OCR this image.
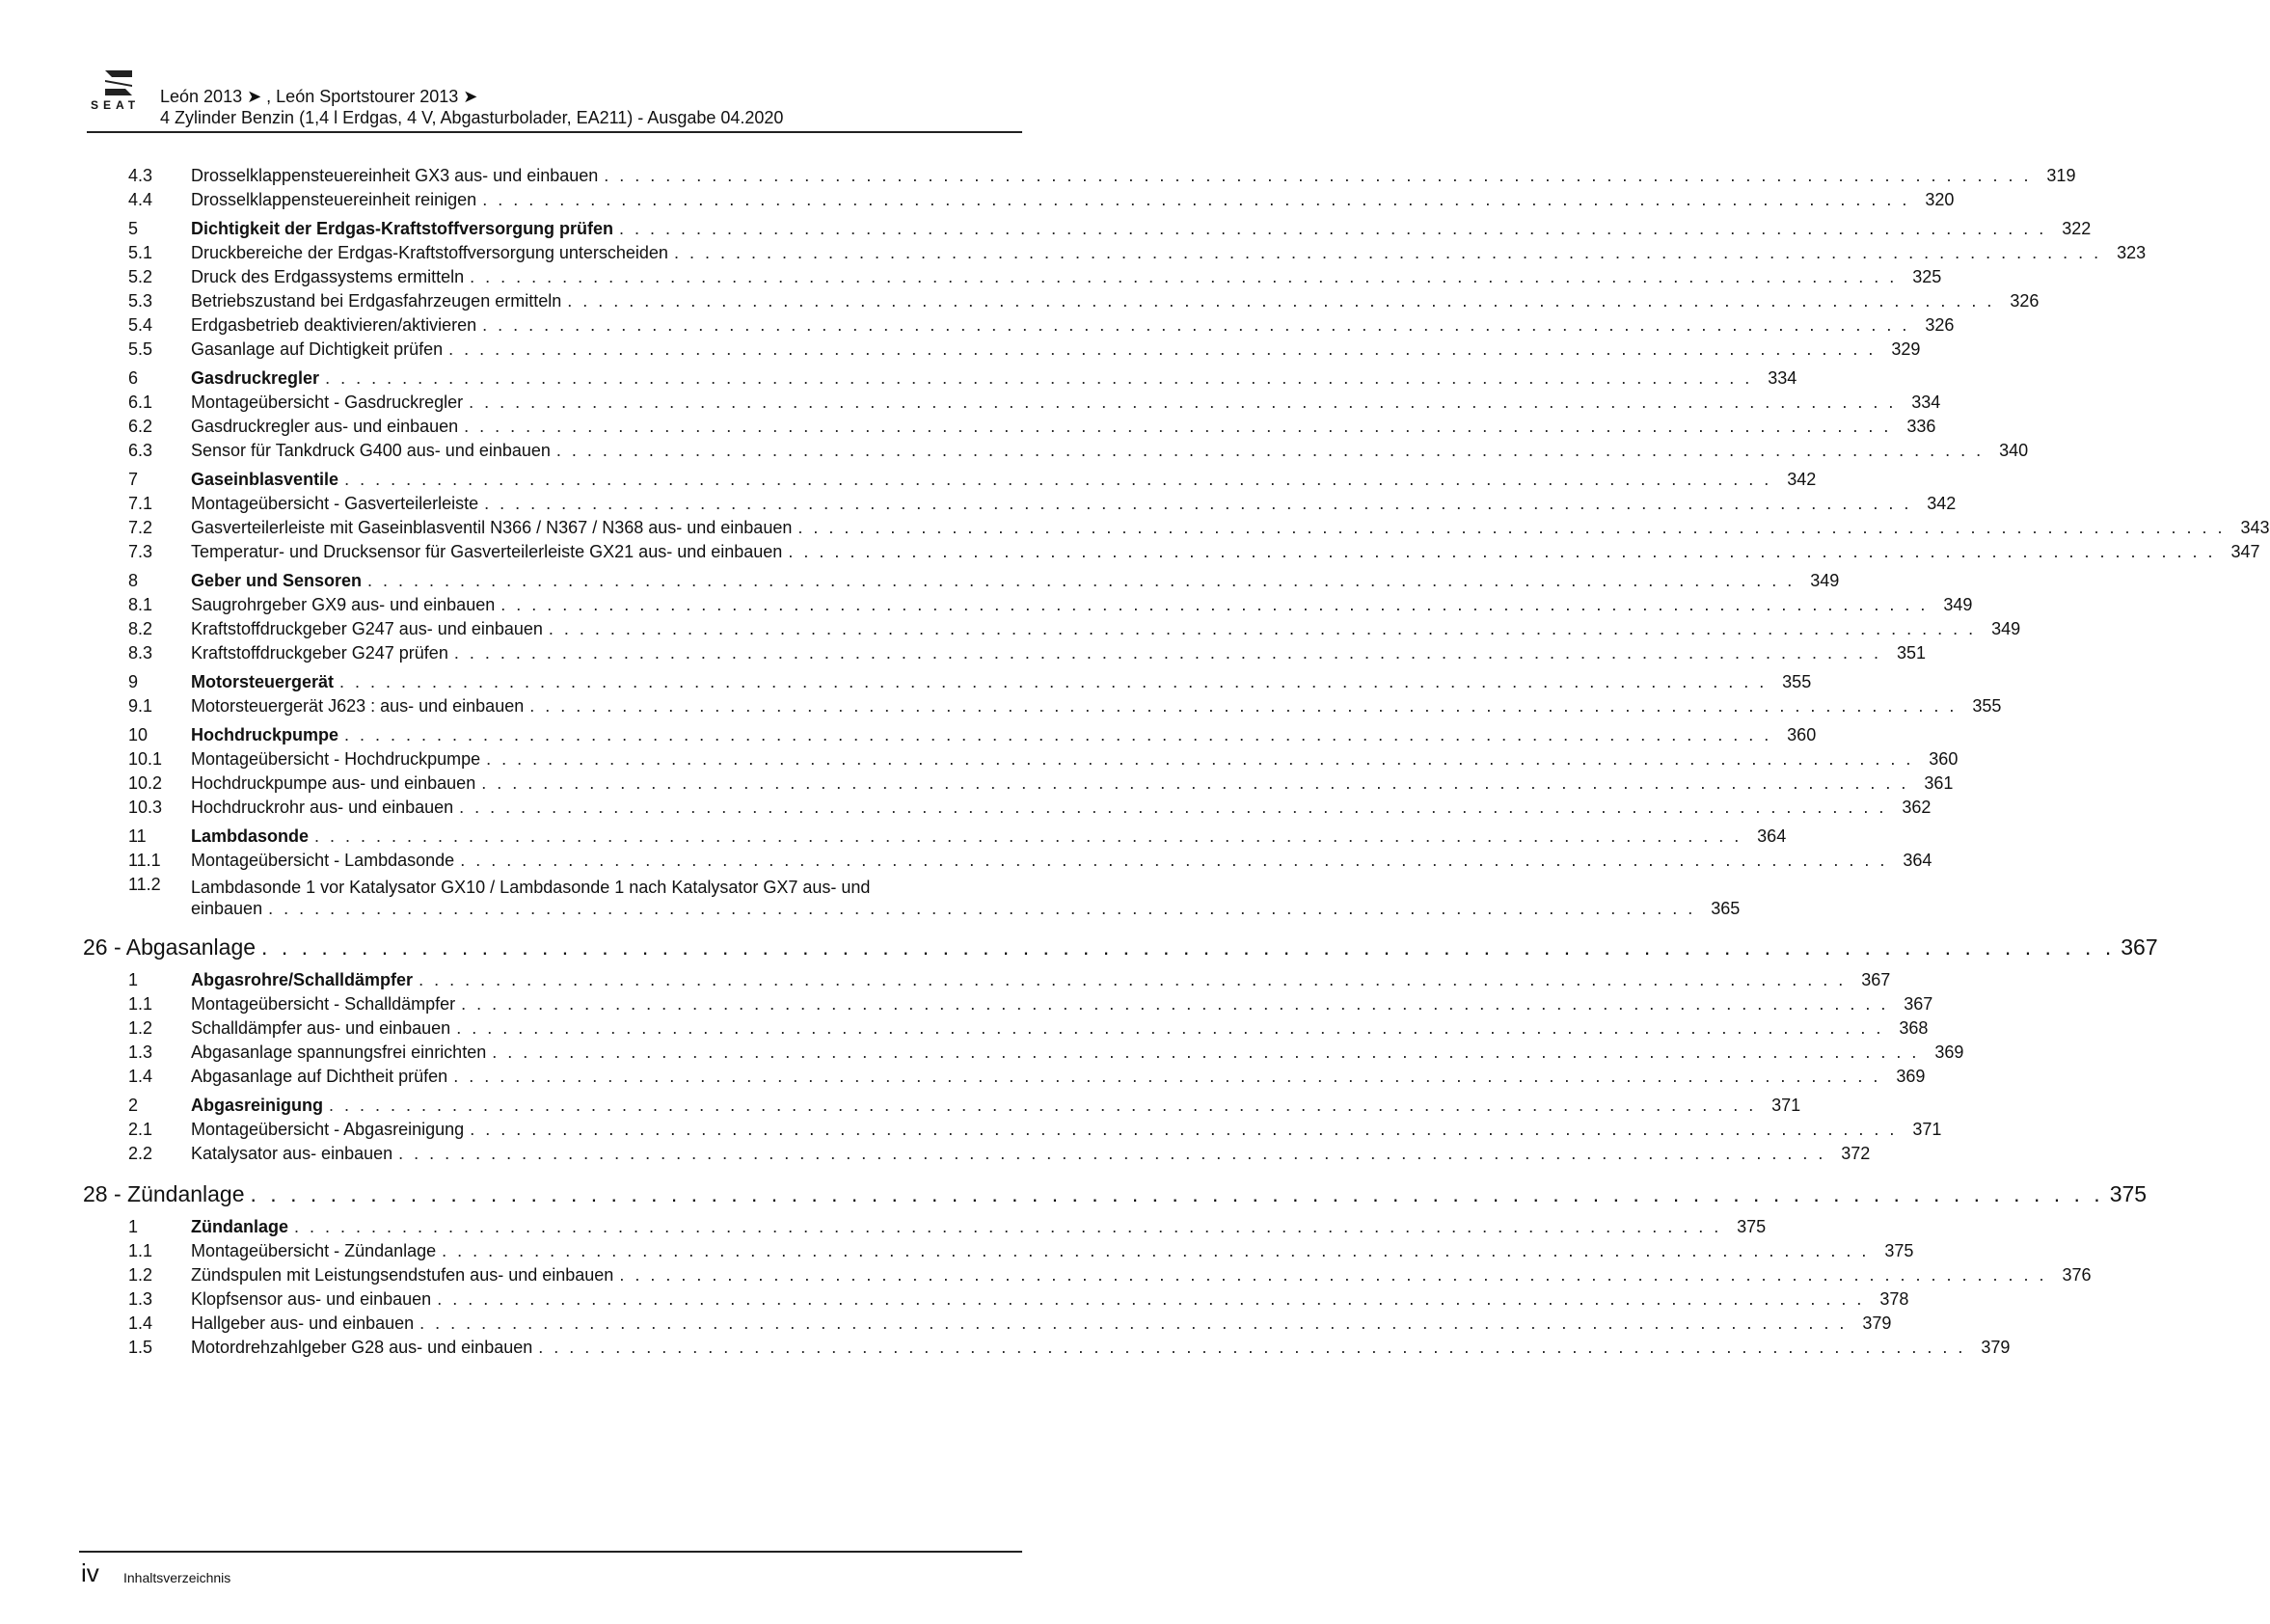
SEAT León 2013 ➤ , León Sportstourer 2013 ➤
4 Zylinder Benzin (1,4 l Erdgas, 4 V, Abgasturbolader, EA211) - Ausgabe 04.2020
4.3	Drosselklappensteuereinheit GX3 aus- und einbauen . . . . . . . . . . . . . . . . . . . . . . . . . . . . . . . . . . . . . . . . . . . . . . . . . . . . . . . . . . . . . . . . . . . . . . . . . . . . . . . . . . . . . . . . . . . . . 319
4.4	Drosselklappensteuereinheit reinigen . . . . . . . . . . . . . . . . . . . . . . . . . . . . . . . . . . . . . . . . . . . . . . . . . . . . . . . . . . . . . . . . . . . . . . . . . . . . . . . . . . . . . . . . . . . . . 320
5	Dichtigkeit der Erdgas-Kraftstoffversorgung prüfen . . . . . . . . . . . . . . . . . . . . . . . . . . . . . . . . . . . . . . . . . . . . . . . . . . . . . . . . . . . . . . . . . . . . . . . . . . . . . . . . . . . . . . . . . . . . . 322
5.1	Druckbereiche der Erdgas-Kraftstoffversorgung unterscheiden . . . . . . . . . . . . . . . . . . . . . . . . . . . . . . . . . . . . . . . . . . . . . . . . . . . . . . . . . . . . . . . . . . . . . . . . . . . . . . . . . . . . . . . . . . . . . 323
5.2	Druck des Erdgassystems ermitteln . . . . . . . . . . . . . . . . . . . . . . . . . . . . . . . . . . . . . . . . . . . . . . . . . . . . . . . . . . . . . . . . . . . . . . . . . . . . . . . . . . . . . . . . . . . . . 325
5.3	Betriebszustand bei Erdgasfahrzeugen ermitteln . . . . . . . . . . . . . . . . . . . . . . . . . . . . . . . . . . . . . . . . . . . . . . . . . . . . . . . . . . . . . . . . . . . . . . . . . . . . . . . . . . . . . . . . . . . . . 326
5.4	Erdgasbetrieb deaktivieren/aktivieren . . . . . . . . . . . . . . . . . . . . . . . . . . . . . . . . . . . . . . . . . . . . . . . . . . . . . . . . . . . . . . . . . . . . . . . . . . . . . . . . . . . . . . . . . . . . . 326
5.5	Gasanlage auf Dichtigkeit prüfen . . . . . . . . . . . . . . . . . . . . . . . . . . . . . . . . . . . . . . . . . . . . . . . . . . . . . . . . . . . . . . . . . . . . . . . . . . . . . . . . . . . . . . . . . . . . . 329
6	Gasdruckregler . . . . . . . . . . . . . . . . . . . . . . . . . . . . . . . . . . . . . . . . . . . . . . . . . . . . . . . . . . . . . . . . . . . . . . . . . . . . . . . . . . . . . . . . . . . . . 334
6.1	Montageübersicht - Gasdruckregler . . . . . . . . . . . . . . . . . . . . . . . . . . . . . . . . . . . . . . . . . . . . . . . . . . . . . . . . . . . . . . . . . . . . . . . . . . . . . . . . . . . . . . . . . . . . . 334
6.2	Gasdruckregler aus- und einbauen . . . . . . . . . . . . . . . . . . . . . . . . . . . . . . . . . . . . . . . . . . . . . . . . . . . . . . . . . . . . . . . . . . . . . . . . . . . . . . . . . . . . . . . . . . . . . 336
6.3	Sensor für Tankdruck G400 aus- und einbauen . . . . . . . . . . . . . . . . . . . . . . . . . . . . . . . . . . . . . . . . . . . . . . . . . . . . . . . . . . . . . . . . . . . . . . . . . . . . . . . . . . . . . . . . . . . . . 340
7	Gaseinblasventile . . . . . . . . . . . . . . . . . . . . . . . . . . . . . . . . . . . . . . . . . . . . . . . . . . . . . . . . . . . . . . . . . . . . . . . . . . . . . . . . . . . . . . . . . . . . . 342
7.1	Montageübersicht - Gasverteilerleiste . . . . . . . . . . . . . . . . . . . . . . . . . . . . . . . . . . . . . . . . . . . . . . . . . . . . . . . . . . . . . . . . . . . . . . . . . . . . . . . . . . . . . . . . . . . . . 342
7.2	Gasverteilerleiste mit Gaseinblasventil N366 / N367 / N368 aus- und einbauen . . . . . . . . . . . . . . . . . . . . . . . . . . . . . . . . . . . . . . . . . . . . . . . . . . . . . . . . . . . . . . . . . . . . . . . . . . . . . . . . . . . . . . . . . . . . . 343
7.3	Temperatur- und Drucksensor für Gasverteilerleiste GX21 aus- und einbauen . . . . . . . . . . . . . . . . . . . . . . . . . . . . . . . . . . . . . . . . . . . . . . . . . . . . . . . . . . . . . . . . . . . . . . . . . . . . . . . . . . . . . . . . . . . . . 347
8	Geber und Sensoren . . . . . . . . . . . . . . . . . . . . . . . . . . . . . . . . . . . . . . . . . . . . . . . . . . . . . . . . . . . . . . . . . . . . . . . . . . . . . . . . . . . . . . . . . . . . . 349
8.1	Saugrohrgeber GX9 aus- und einbauen . . . . . . . . . . . . . . . . . . . . . . . . . . . . . . . . . . . . . . . . . . . . . . . . . . . . . . . . . . . . . . . . . . . . . . . . . . . . . . . . . . . . . . . . . . . . . 349
8.2	Kraftstoffdruckgeber G247 aus- und einbauen . . . . . . . . . . . . . . . . . . . . . . . . . . . . . . . . . . . . . . . . . . . . . . . . . . . . . . . . . . . . . . . . . . . . . . . . . . . . . . . . . . . . . . . . . . . . . 349
8.3	Kraftstoffdruckgeber G247 prüfen . . . . . . . . . . . . . . . . . . . . . . . . . . . . . . . . . . . . . . . . . . . . . . . . . . . . . . . . . . . . . . . . . . . . . . . . . . . . . . . . . . . . . . . . . . . . . 351
9	Motorsteuergerät . . . . . . . . . . . . . . . . . . . . . . . . . . . . . . . . . . . . . . . . . . . . . . . . . . . . . . . . . . . . . . . . . . . . . . . . . . . . . . . . . . . . . . . . . . . . . 355
9.1	Motorsteuergerät J623 : aus- und einbauen . . . . . . . . . . . . . . . . . . . . . . . . . . . . . . . . . . . . . . . . . . . . . . . . . . . . . . . . . . . . . . . . . . . . . . . . . . . . . . . . . . . . . . . . . . . . . 355
10	Hochdruckpumpe . . . . . . . . . . . . . . . . . . . . . . . . . . . . . . . . . . . . . . . . . . . . . . . . . . . . . . . . . . . . . . . . . . . . . . . . . . . . . . . . . . . . . . . . . . . . . 360
10.1	Montageübersicht - Hochdruckpumpe . . . . . . . . . . . . . . . . . . . . . . . . . . . . . . . . . . . . . . . . . . . . . . . . . . . . . . . . . . . . . . . . . . . . . . . . . . . . . . . . . . . . . . . . . . . . . 360
10.2	Hochdruckpumpe aus- und einbauen . . . . . . . . . . . . . . . . . . . . . . . . . . . . . . . . . . . . . . . . . . . . . . . . . . . . . . . . . . . . . . . . . . . . . . . . . . . . . . . . . . . . . . . . . . . . . 361
10.3	Hochdruckrohr aus- und einbauen . . . . . . . . . . . . . . . . . . . . . . . . . . . . . . . . . . . . . . . . . . . . . . . . . . . . . . . . . . . . . . . . . . . . . . . . . . . . . . . . . . . . . . . . . . . . . 362
11	Lambdasonde . . . . . . . . . . . . . . . . . . . . . . . . . . . . . . . . . . . . . . . . . . . . . . . . . . . . . . . . . . . . . . . . . . . . . . . . . . . . . . . . . . . . . . . . . . . . . 364
11.1	Montageübersicht - Lambdasonde . . . . . . . . . . . . . . . . . . . . . . . . . . . . . . . . . . . . . . . . . . . . . . . . . . . . . . . . . . . . . . . . . . . . . . . . . . . . . . . . . . . . . . . . . . . . . 364
11.2	Lambdasonde 1 vor Katalysator GX10 / Lambdasonde 1 nach Katalysator GX7 aus- und
einbauen . . . . . . . . . . . . . . . . . . . . . . . . . . . . . . . . . . . . . . . . . . . . . . . . . . . . . . . . . . . . . . . . . . . . . . . . . . . . . . . . . . . . . . . . . . . . . 365
26 - Abgasanlage . . . . . . . . . . . . . . . . . . . . . . . . . . . . . . . . . . . . . . . . . . . . . . . . . . . . . . . . . . . . . . . . . . . . . . . . . . . . . . . . . . . . . . . . . . . . . 367
1	Abgasrohre/Schalldämpfer . . . . . . . . . . . . . . . . . . . . . . . . . . . . . . . . . . . . . . . . . . . . . . . . . . . . . . . . . . . . . . . . . . . . . . . . . . . . . . . . . . . . . . . . . . . . . 367
1.1	Montageübersicht - Schalldämpfer . . . . . . . . . . . . . . . . . . . . . . . . . . . . . . . . . . . . . . . . . . . . . . . . . . . . . . . . . . . . . . . . . . . . . . . . . . . . . . . . . . . . . . . . . . . . . 367
1.2	Schalldämpfer aus- und einbauen . . . . . . . . . . . . . . . . . . . . . . . . . . . . . . . . . . . . . . . . . . . . . . . . . . . . . . . . . . . . . . . . . . . . . . . . . . . . . . . . . . . . . . . . . . . . . 368
1.3	Abgasanlage spannungsfrei einrichten . . . . . . . . . . . . . . . . . . . . . . . . . . . . . . . . . . . . . . . . . . . . . . . . . . . . . . . . . . . . . . . . . . . . . . . . . . . . . . . . . . . . . . . . . . . . . 369
1.4	Abgasanlage auf Dichtheit prüfen . . . . . . . . . . . . . . . . . . . . . . . . . . . . . . . . . . . . . . . . . . . . . . . . . . . . . . . . . . . . . . . . . . . . . . . . . . . . . . . . . . . . . . . . . . . . . 369
2	Abgasreinigung . . . . . . . . . . . . . . . . . . . . . . . . . . . . . . . . . . . . . . . . . . . . . . . . . . . . . . . . . . . . . . . . . . . . . . . . . . . . . . . . . . . . . . . . . . . . . 371
2.1	Montageübersicht - Abgasreinigung . . . . . . . . . . . . . . . . . . . . . . . . . . . . . . . . . . . . . . . . . . . . . . . . . . . . . . . . . . . . . . . . . . . . . . . . . . . . . . . . . . . . . . . . . . . . . 371
2.2	Katalysator aus- einbauen . . . . . . . . . . . . . . . . . . . . . . . . . . . . . . . . . . . . . . . . . . . . . . . . . . . . . . . . . . . . . . . . . . . . . . . . . . . . . . . . . . . . . . . . . . . . . 372
28 - Zündanlage . . . . . . . . . . . . . . . . . . . . . . . . . . . . . . . . . . . . . . . . . . . . . . . . . . . . . . . . . . . . . . . . . . . . . . . . . . . . . . . . . . . . . . . . . . . . . 375
1	Zündanlage . . . . . . . . . . . . . . . . . . . . . . . . . . . . . . . . . . . . . . . . . . . . . . . . . . . . . . . . . . . . . . . . . . . . . . . . . . . . . . . . . . . . . . . . . . . . . 375
1.1	Montageübersicht - Zündanlage . . . . . . . . . . . . . . . . . . . . . . . . . . . . . . . . . . . . . . . . . . . . . . . . . . . . . . . . . . . . . . . . . . . . . . . . . . . . . . . . . . . . . . . . . . . . . 375
1.2	Zündspulen mit Leistungsendstufen aus- und einbauen . . . . . . . . . . . . . . . . . . . . . . . . . . . . . . . . . . . . . . . . . . . . . . . . . . . . . . . . . . . . . . . . . . . . . . . . . . . . . . . . . . . . . . . . . . . . . 376
1.3	Klopfsensor aus- und einbauen . . . . . . . . . . . . . . . . . . . . . . . . . . . . . . . . . . . . . . . . . . . . . . . . . . . . . . . . . . . . . . . . . . . . . . . . . . . . . . . . . . . . . . . . . . . . . 378
1.4	Hallgeber aus- und einbauen . . . . . . . . . . . . . . . . . . . . . . . . . . . . . . . . . . . . . . . . . . . . . . . . . . . . . . . . . . . . . . . . . . . . . . . . . . . . . . . . . . . . . . . . . . . . . 379
1.5	Motordrehzahlgeber G28 aus- und einbauen . . . . . . . . . . . . . . . . . . . . . . . . . . . . . . . . . . . . . . . . . . . . . . . . . . . . . . . . . . . . . . . . . . . . . . . . . . . . . . . . . . . . . . . . . . . . . 379
iv Inhaltsverzeichnis
